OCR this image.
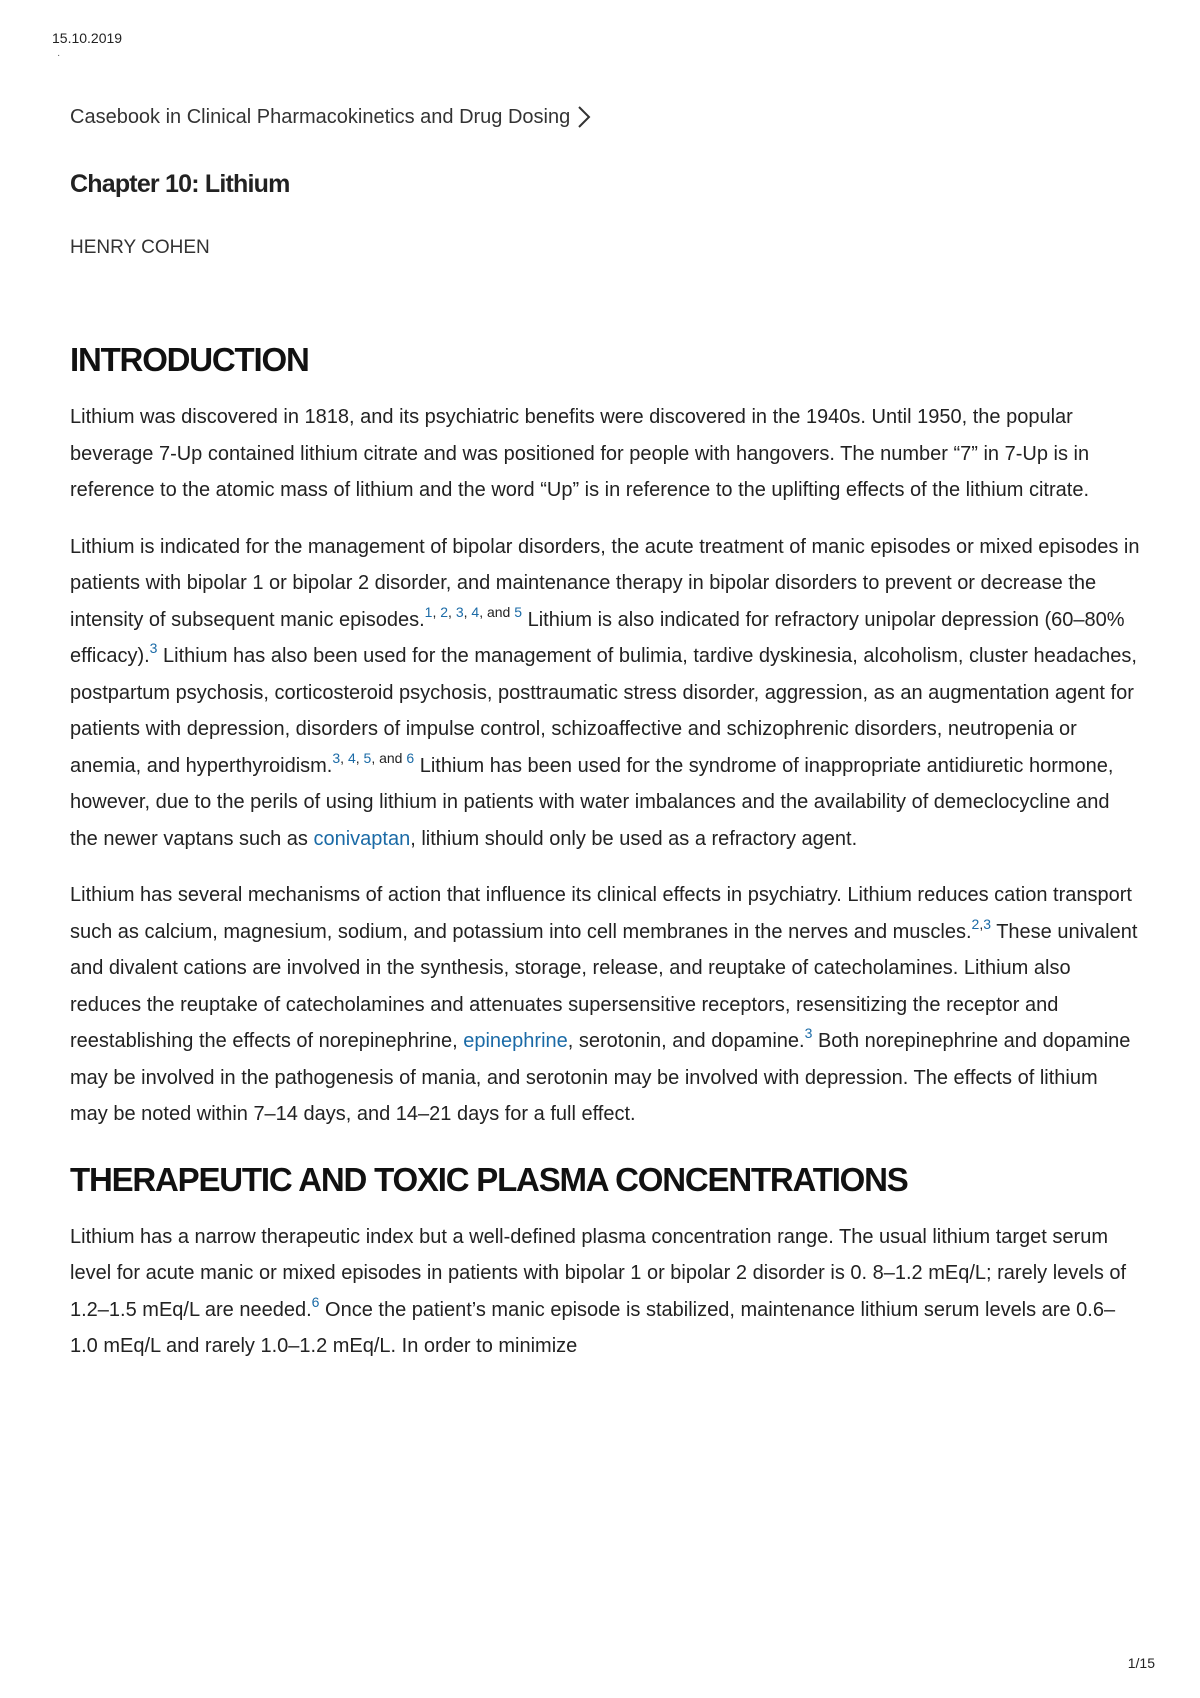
15.10.2019
·
Casebook in Clinical Pharmacokinetics and Drug Dosing
Chapter 10: Lithium
HENRY COHEN
INTRODUCTION

Lithium was discovered in 1818, and its psychiatric benefits were discovered in the 1940s. Until 1950, the popular beverage 7-Up contained lithium citrate and was positioned for people with hangovers. The number “7” in 7-Up is in reference to the atomic mass of lithium and the word “Up” is in reference to the uplifting effects of the lithium citrate.

Lithium is indicated for the management of bipolar disorders, the acute treatment of manic episodes or mixed episodes in patients with bipolar 1 or bipolar 2 disorder, and maintenance therapy in bipolar disorders to prevent or decrease the intensity of subsequent manic episodes.$^{1, 2, 3, 4, and 5}$ Lithium is also indicated for refractory unipolar depression (60–80% efficacy).$^3$ Lithium has also been used for the management of bulimia, tardive dyskinesia, alcoholism, cluster headaches, postpartum psychosis, corticosteroid psychosis, posttraumatic stress disorder, aggression, as an augmentation agent for patients with depression, disorders of impulse control, schizoaffective and schizophrenic disorders, neutropenia or anemia, and hyperthyroidism.$^{3, 4, 5, and 6}$ Lithium has been used for the syndrome of inappropriate antidiuretic hormone, however, due to the perils of using lithium in patients with water imbalances and the availability of demeclocycline and the newer vaptans such as conivaptan, lithium should only be used as a refractory agent.

Lithium has several mechanisms of action that influence its clinical effects in psychiatry. Lithium reduces cation transport such as calcium, magnesium, sodium, and potassium into cell membranes in the nerves and muscles.$^{2,3}$ These univalent and divalent cations are involved in the synthesis, storage, release, and reuptake of catecholamines. Lithium also reduces the reuptake of catecholamines and attenuates supersensitive receptors, resensitizing the receptor and reestablishing the effects of norepinephrine, epinephrine, serotonin, and dopamine.$^3$ Both norepinephrine and dopamine may be involved in the pathogenesis of mania, and serotonin may be involved with depression. The effects of lithium may be noted within 7–14 days, and 14–21 days for a full effect.

THERAPEUTIC AND TOXIC PLASMA CONCENTRATIONS

Lithium has a narrow therapeutic index but a well-defined plasma concentration range. The usual lithium target serum level for acute manic or mixed episodes in patients with bipolar 1 or bipolar 2 disorder is 0. 8–1.2 mEq/L; rarely levels of 1.2–1.5 mEq/L are needed.$^6$ Once the patient’s manic episode is stabilized, maintenance lithium serum levels are 0.6–1.0 mEq/L and rarely 1.0–1.2 mEq/L. In order to minimize

1/15
